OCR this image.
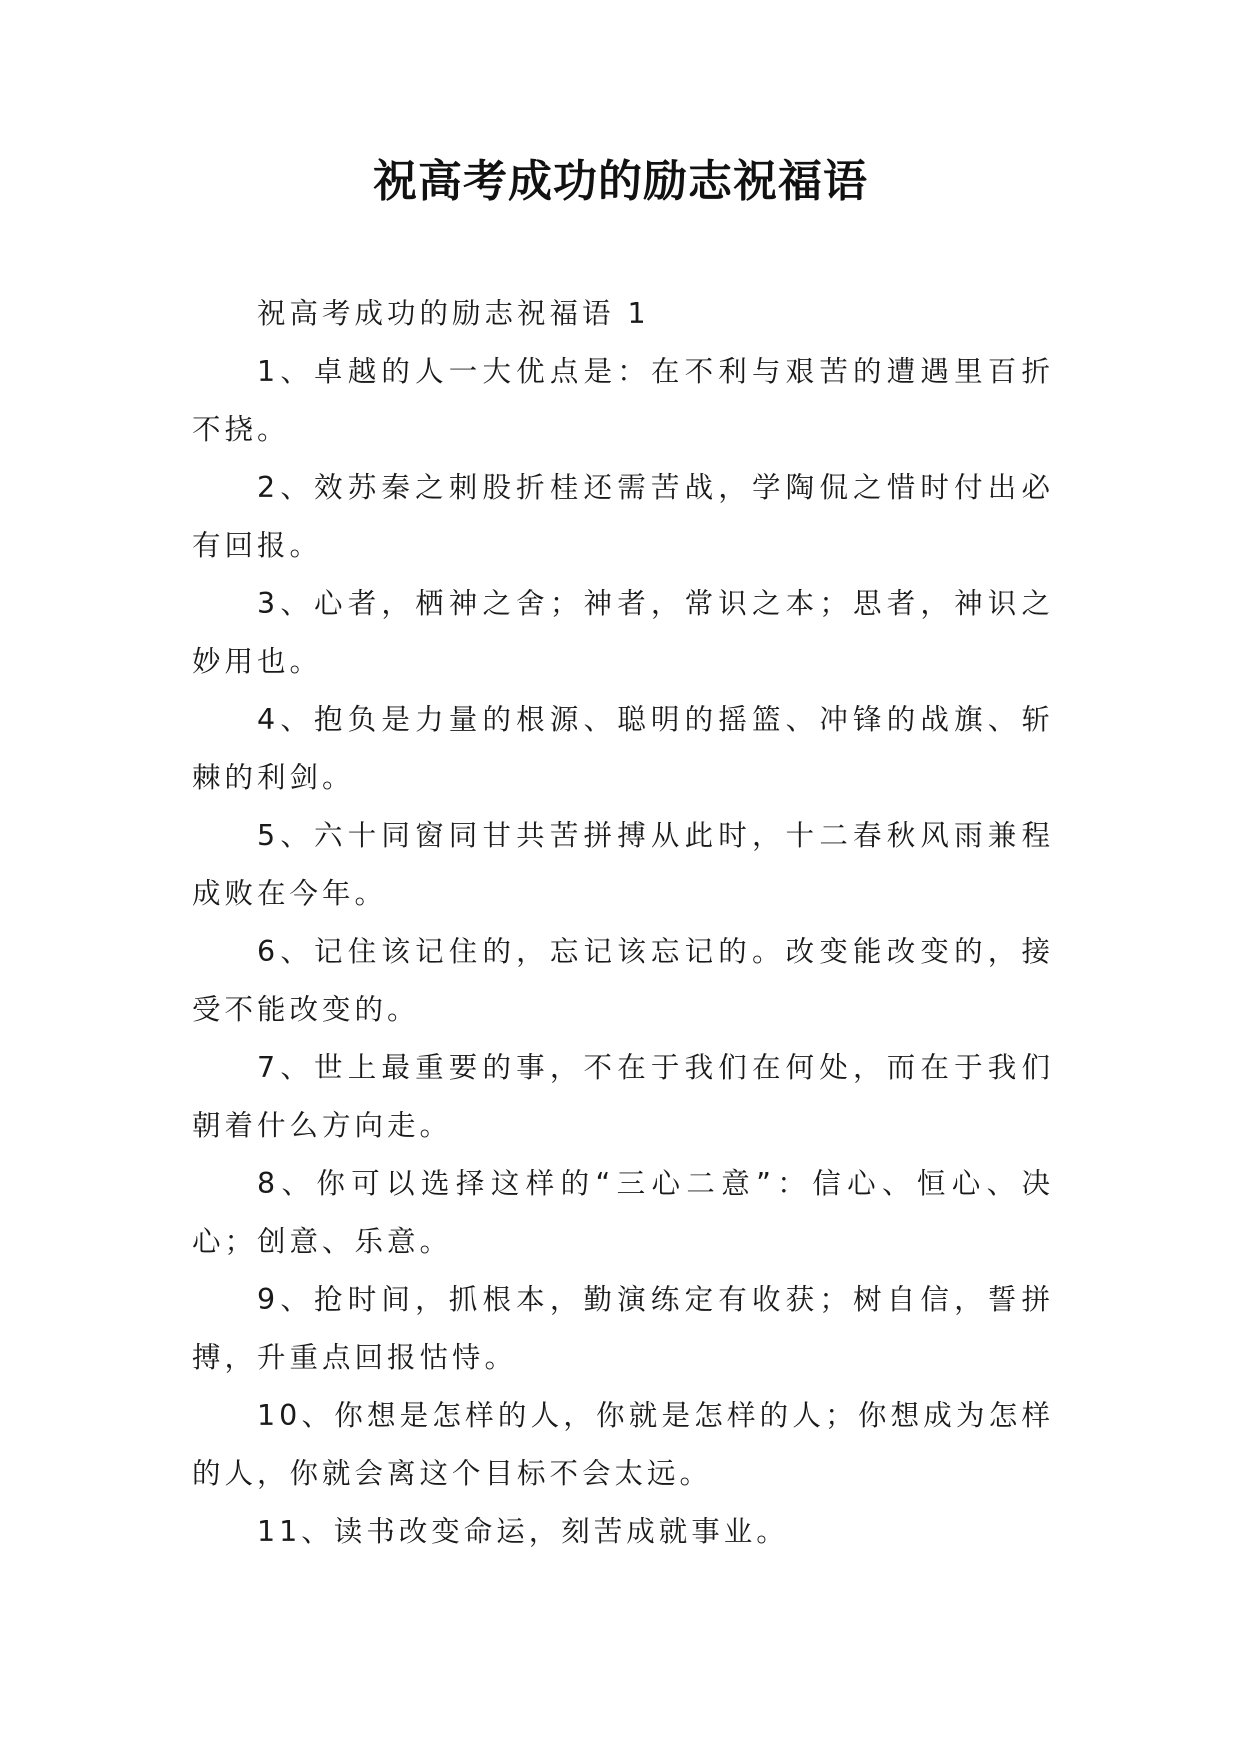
祝高考成功的励志祝福语

祝高考成功的励志祝福语 1

1、卓越的人一大优点是：在不利与艰苦的遭遇里百折不挠。

2、效苏秦之刺股折桂还需苦战，学陶侃之惜时付出必有回报。

3、心者，栖神之舍；神者，常识之本；思者，神识之妙用也。

4、抱负是力量的根源、聪明的摇篮、冲锋的战旗、斩棘的利剑。

5、六十同窗同甘共苦拼搏从此时，十二春秋风雨兼程成败在今年。

6、记住该记住的，忘记该忘记的。改变能改变的，接受不能改变的。

7、世上最重要的事，不在于我们在何处，而在于我们朝着什么方向走。

8、你可以选择这样的“三心二意”：信心、恒心、决心；创意、乐意。

9、抢时间，抓根本，勤演练定有收获；树自信，誓拼搏，升重点回报怙恃。

10、你想是怎样的人，你就是怎样的人；你想成为怎样的人，你就会离这个目标不会太远。

11、读书改变命运，刻苦成就事业。
